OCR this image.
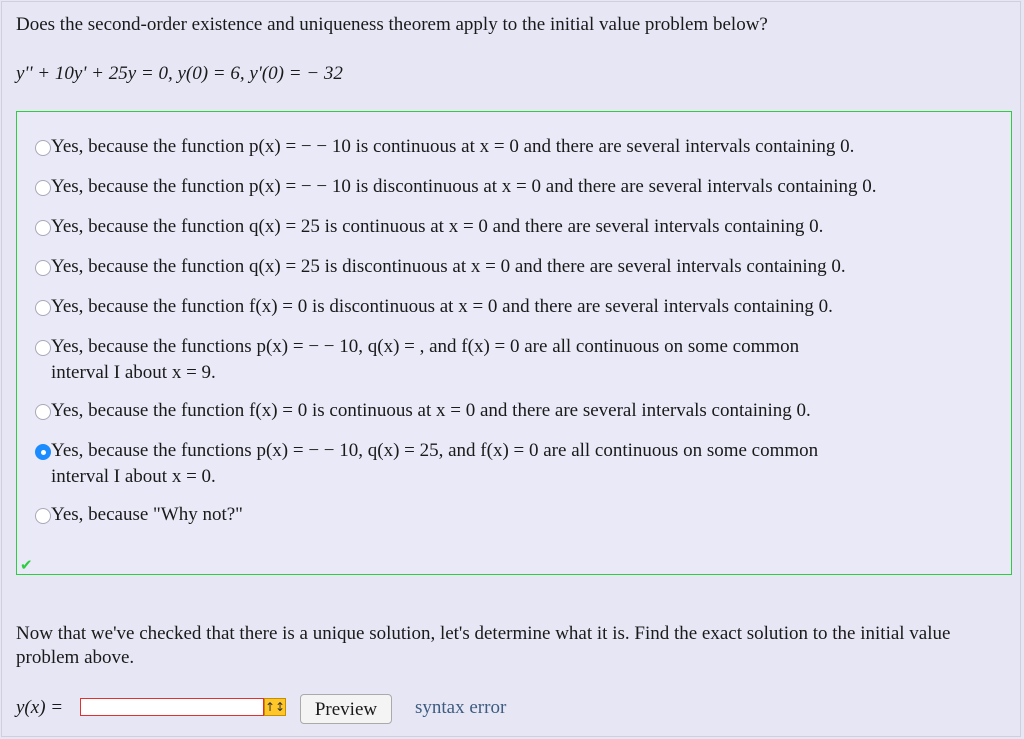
Does the second-order existence and uniqueness theorem apply to the initial value problem below?
y'' + 10y' + 25y = 0, y(0) = 6, y'(0) = − 32
Yes, because the function p(x) = − − 10 is continuous at x = 0 and there are several intervals containing 0.
Yes, because the function p(x) = − − 10 is discontinuous at x = 0 and there are several intervals containing 0.
Yes, because the function q(x) = 25 is continuous at x = 0 and there are several intervals containing 0.
Yes, because the function q(x) = 25 is discontinuous at x = 0 and there are several intervals containing 0.
Yes, because the function f(x) = 0 is discontinuous at x = 0 and there are several intervals containing 0.
Yes, because the functions p(x) = − − 10, q(x) = , and f(x) = 0 are all continuous on some common
interval I about x = 9.
Yes, because the function f(x) = 0 is continuous at x = 0 and there are several intervals containing 0.
Yes, because the functions p(x) = − − 10, q(x) = 25, and f(x) = 0 are all continuous on some common
interval I about x = 0.
Yes, because "Why not?"
✔
Now that we've checked that there is a unique solution, let's determine what it is. Find the exact solution to the initial value problem above.
y(x) =	↑↕	Preview	syntax error
